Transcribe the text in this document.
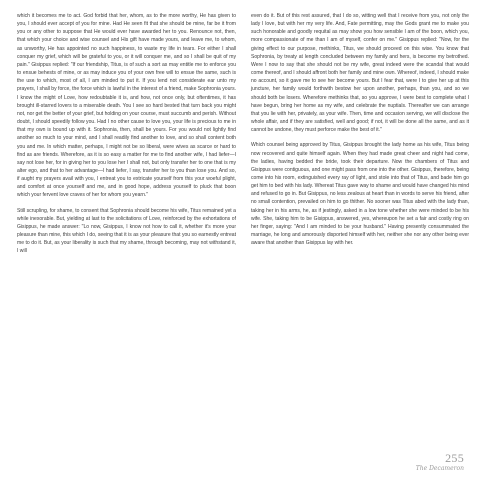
which it becomes me to act. God forbid that her, whom, as to the more worthy, He has given to you, I should ever accept of you for mine. Had He seen fit that she should be mine, far be it from you or any other to suppose that He would ever have awarded her to you. Renounce not, then, that which your choice and wise counsel and His gift have made yours, and leave me, to whom, as unworthy, He has appointed no such happiness, to waste my life in tears. For either I shall conquer my grief, which will be grateful to you, or it will conquer me, and so I shall be quit of my pain." Gisippus replied: "If our friendship, Titus, is of such a sort as may entitle me to enforce you to ensue behests of mine, or as may induce you of your own free will to ensue the same, such is the use to which, most of all, I am minded to put it. If you lend not considerate ear unto my prayers, I shall by force, the force which is lawful in the interest of a friend, make Sophronia yours. I know the might of Love, how redoubtable it is, and how, not once only, but oftentimes, it has brought ill-starred lovers to a miserable death. You I see so hard bested that turn back you might not, nor get the better of your grief, but holding on your course, must succumb and perish. Without doubt, I should speedily follow you. Had I no other cause to love you, your life is precious to me in that my own is bound up with it. Sophronia, then, shall be yours. For you would not lightly find another so much to your mind, and I shall readily find another to love, and so shall content both you and me. In which matter, perhaps, I might not be so liberal, were wives as scarce or hard to find as are friends. Wherefore, as it is so easy a matter for me to find another wife, I had liefer—I say not lose her, for in giving her to you lose her I shall not, but only transfer her to one that is my alter ego, and that to her advantage—I had liefer, I say, transfer her to you than lose you. And so, if aught my prayers avail with you, I entreat you to extricate yourself from this your woeful plight, and comfort at once yourself and me, and in good hope, address yourself to pluck that boon which your fervent love craves of her for whom you yearn."

Still scrupling, for shame, to consent that Sophronia should become his wife, Titus remained yet a while inexorable. But, yielding at last to the solicitations of Love, reinforced by the exhortations of Gisippus, he made answer: "Lo now, Gisippus, I know not how to call it, whether it's more your pleasure than mine, this which I do, seeing that it is as your pleasure that you so earnestly entreat me to do it. But, as your liberality is such that my shame, through becoming, may not withstand it, I will

even do it. But of this rest assured, that I do so, witting well that I receive from you, not only the lady I love, but with her my very life. And, Fate permitting, may the Gods grant me to make you such honorable and goodly requital as may show you how sensible I am of the boon, which you, more compassionate of me than I am of myself, confer on me." Gisippus replied: "Now, for the giving effect to our purpose, methinks, Titus, we should proceed on this wise. You know that Sophronia, by treaty at length concluded between my family and hers, is become my betrothed. Were I now to say that she should not be my wife, great indeed were the scandal that would come thereof, and I should affront both her family and mine own. Whereof, indeed, I should make no account, so it gave me to see her become yours. But I fear that, were I to give her up at this juncture, her family would forthwith bestow her upon another, perhaps, than you, and so we should both be losers. Wherefore methinks that, so you approve, I were best to complete what I have begun, bring her home as my wife, and celebrate the nuptials. Thereafter we can arrange that you lie with her, privately, as your wife. Then, time and occasion serving, we will disclose the whole affair, and if they are satisfied, well and good; if not, it will be done all the same, and as it cannot be undone, they must perforce make the best of it."

Which counsel being approved by Titus, Gisippus brought the lady home as his wife, Titus being now recovered and quite himself again. When they had made great cheer and night had come, the ladies, having bedded the bride, took their departure. Now the chambers of Titus and Gisippus were contiguous, and one might pass from one into the other. Gisippus, therefore, being come into his room, extinguished every ray of light, and stole into that of Titus, and bade him go get him to bed with his lady. Whereat Titus gave way to shame and would have changed his mind and refused to go in. But Gisippus, no less zealous at heart than in words to serve his friend, after no small contention, prevailed on him to go thither. No sooner was Titus abed with the lady than, taking her in his arms, he, as if jestingly, asked in a low tone whether she were minded to be his wife. She, taking him to be Gisippus, answered, yes, whereupon he set a fair and costly ring on her finger, saying: "And I am minded to be your husband." Having presently consummated the marriage, he long and amorously disported himself with her, neither she nor any other being ever aware that another than Gisippus lay with her.

255
The Decameron
